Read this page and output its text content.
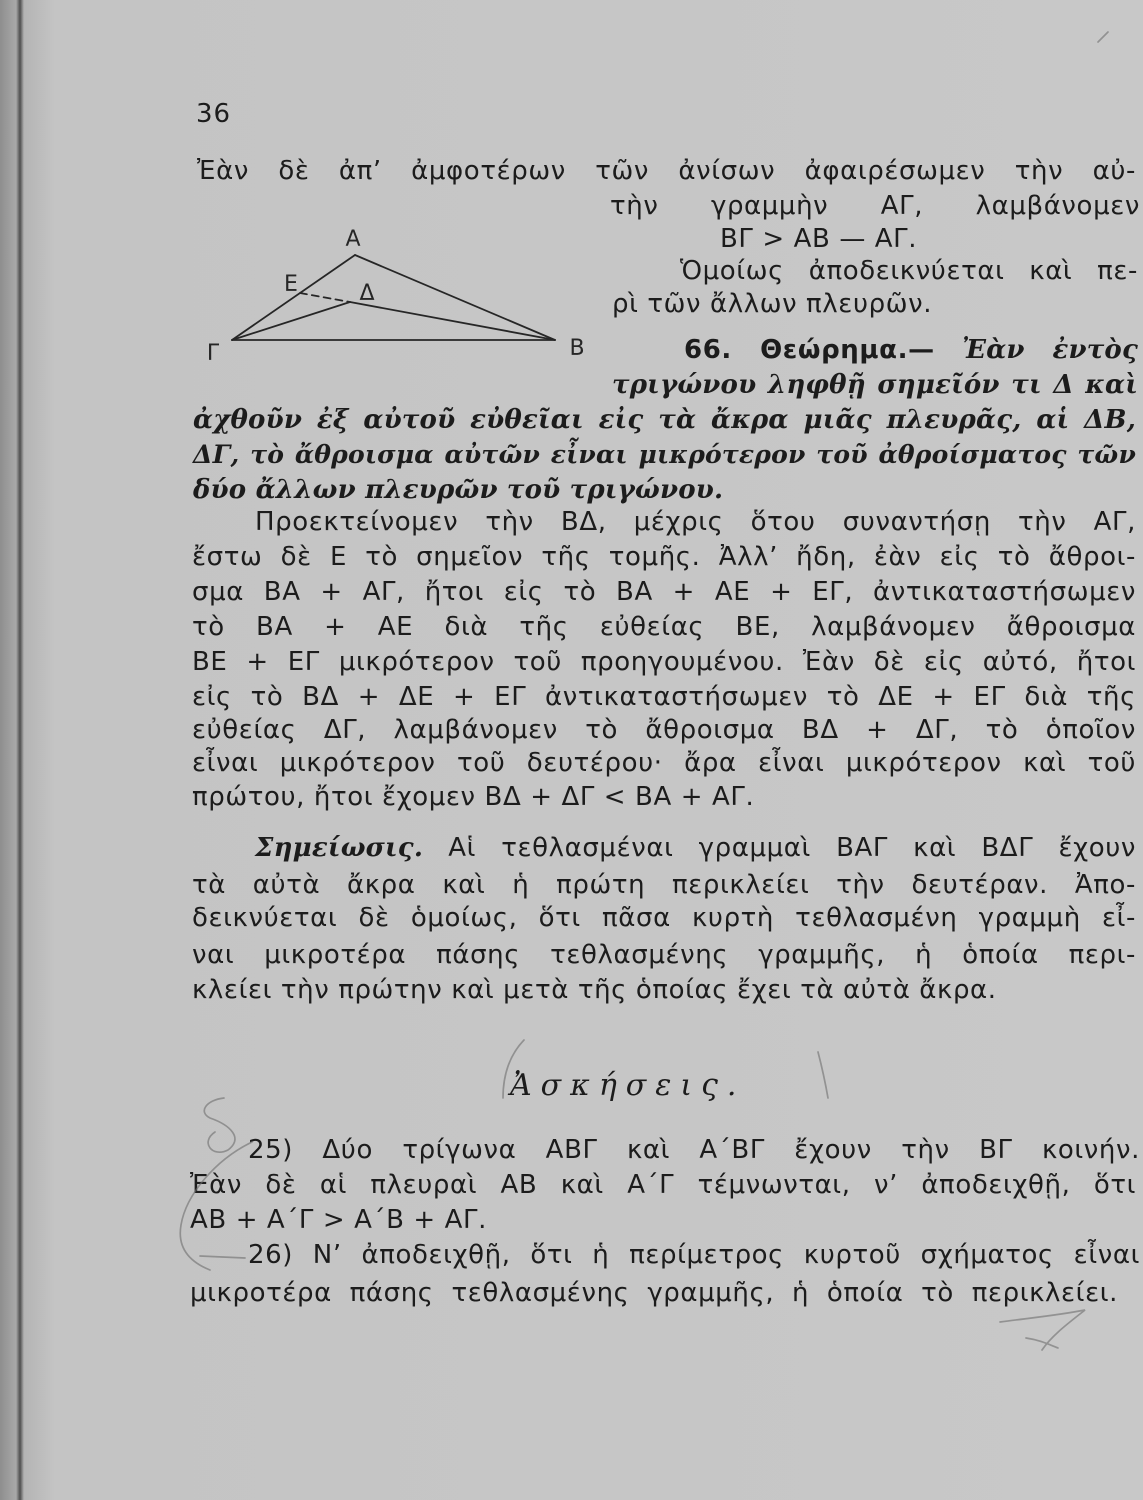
36
Ἐὰν δὲ ἀπ’ ἀμφοτέρων τῶν ἀνίσων ἀφαιρέσωμεν τὴν αὐ-
τὴν γραμμὴν ΑΓ, λαμβάνομεν
ΒΓ > ΑΒ — ΑΓ.
Ὁμοίως ἀποδεικνύεται καὶ πε-
ρὶ τῶν ἄλλων πλευρῶν.
Α
Ε	Δ
Γ	Β	66. Θεώρημα.— Ἐὰν ἐντὸς
τριγώνου ληφθῇ σημεῖόν τι Δ καὶ
ἀχθοῦν ἐξ αὐτοῦ εὐθεῖαι εἰς τὰ ἄκρα μιᾶς πλευρᾶς, αἱ ΔΒ,
ΔΓ, τὸ ἄθροισμα αὐτῶν εἶναι μικρότερον τοῦ ἀθροίσματος τῶν
δύο ἄλλων πλευρῶν τοῦ τριγώνου.
Προεκτείνομεν τὴν ΒΔ, μέχρις ὅτου συναντήσῃ τὴν ΑΓ,
ἔστω δὲ Ε τὸ σημεῖον τῆς τομῆς. Ἀλλ’ ἤδη, ἐὰν εἰς τὸ ἄθροι-
σμα ΒΑ + ΑΓ, ἤτοι εἰς τὸ ΒΑ + ΑΕ + ΕΓ, ἀντικαταστήσωμεν
τὸ ΒΑ + ΑΕ διὰ τῆς εὐθείας ΒΕ, λαμβάνομεν ἄθροισμα
ΒΕ + ΕΓ μικρότερον τοῦ προηγουμένου. Ἐὰν δὲ εἰς αὐτό, ἤτοι
εἰς τὸ ΒΔ + ΔΕ + ΕΓ ἀντικαταστήσωμεν τὸ ΔΕ + ΕΓ διὰ τῆς
εὐθείας ΔΓ, λαμβάνομεν τὸ ἄθροισμα ΒΔ + ΔΓ, τὸ ὁποῖον
εἶναι μικρότερον τοῦ δευτέρου· ἄρα εἶναι μικρότερον καὶ τοῦ
πρώτου, ἤτοι ἔχομεν ΒΔ + ΔΓ < ΒΑ + ΑΓ.
Σημείωσις. Αἱ τεθλασμέναι γραμμαὶ ΒΑΓ καὶ ΒΔΓ ἔχουν
τὰ αὐτὰ ἄκρα καὶ ἡ πρώτη περικλείει τὴν δευτέραν. Ἀπο-
δεικνύεται δὲ ὁμοίως, ὅτι πᾶσα κυρτὴ τεθλασμένη γραμμὴ εἶ-
ναι μικροτέρα πάσης τεθλασμένης γραμμῆς, ἡ ὁποία περι-
κλείει τὴν πρώτην καὶ μετὰ τῆς ὁποίας ἔχει τὰ αὐτὰ ἄκρα.
Ἀσκήσεις.
25) Δύο τρίγωνα ΑΒΓ καὶ Α΄ΒΓ ἔχουν τὴν ΒΓ κοινήν.
Ἐὰν δὲ αἱ πλευραὶ ΑΒ καὶ Α΄Γ τέμνωνται, ν’ ἀποδειχθῇ, ὅτι
ΑΒ + Α΄Γ > Α΄Β + ΑΓ.
26) Ν’ ἀποδειχθῇ, ὅτι ἡ περίμετρος κυρτοῦ σχήματος εἶναι
μικροτέρα πάσης τεθλασμένης γραμμῆς, ἡ ὁποία τὸ περικλείει.
